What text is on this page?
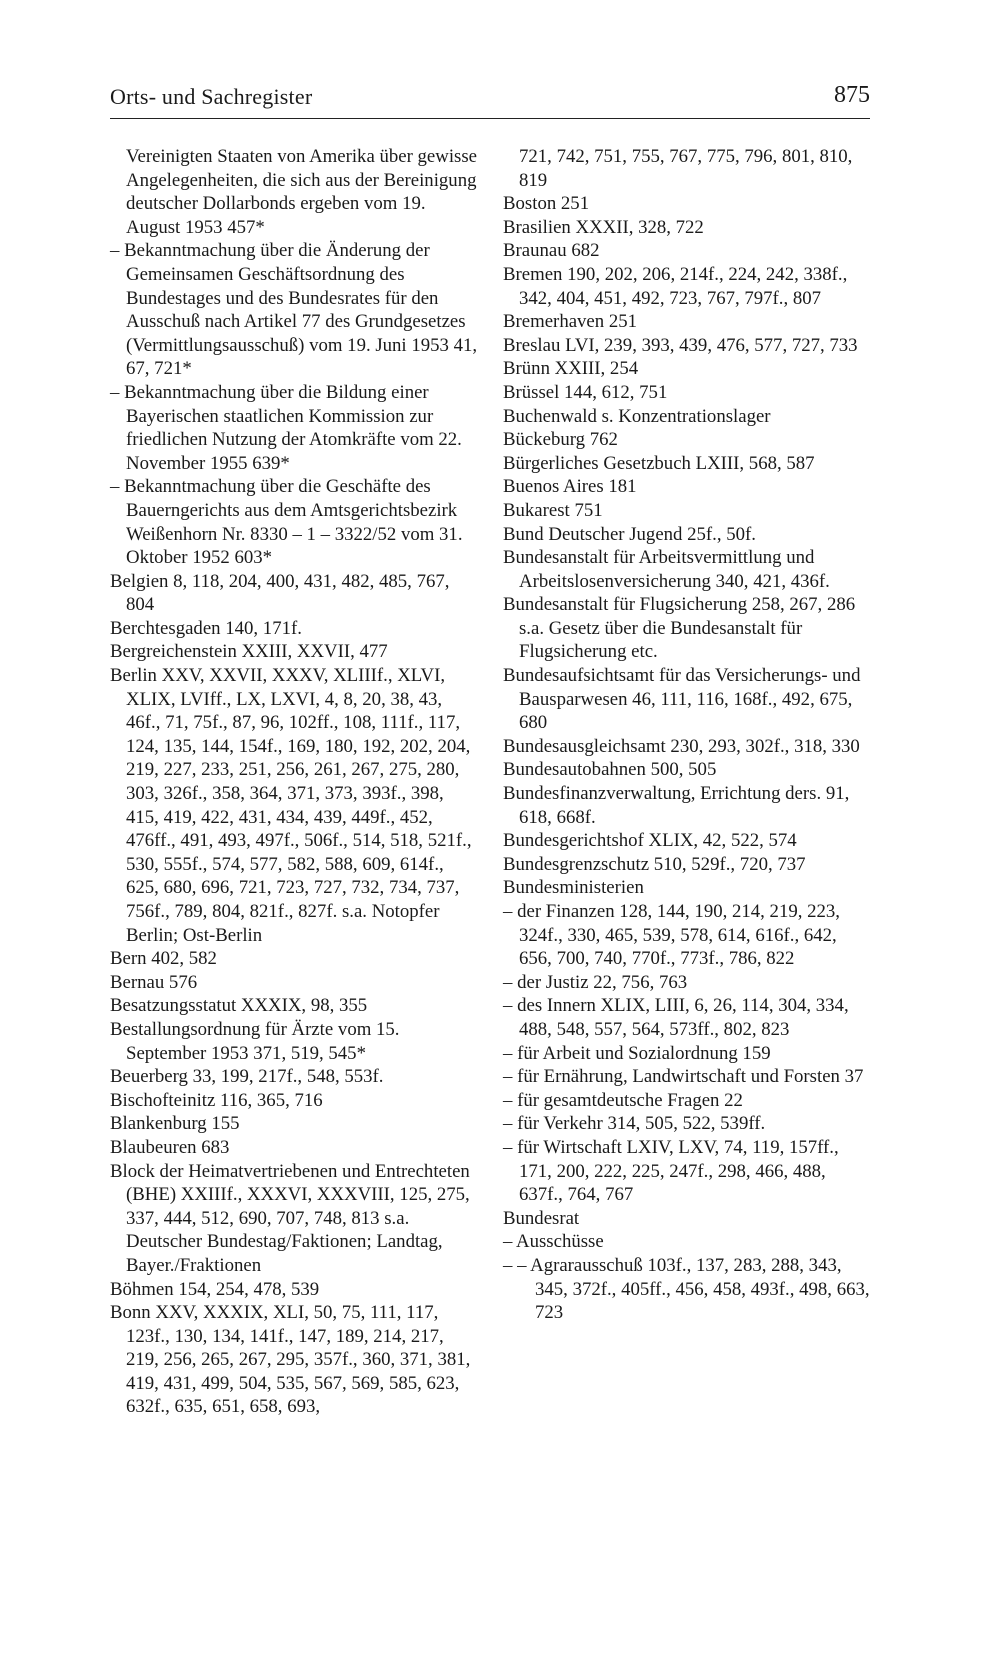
Orts- und Sachregister	875

Vereinigten Staaten von Amerika über gewisse Angelegenheiten, die sich aus der Bereinigung deutscher Dollarbonds ergeben vom 19. August 1953 457*

– Bekanntmachung über die Änderung der Gemeinsamen Geschäftsordnung des Bundestages und des Bundesrates für den Ausschuß nach Artikel 77 des Grundgesetzes (Vermittlungsausschuß) vom 19. Juni 1953 41, 67, 721*

– Bekanntmachung über die Bildung einer Bayerischen staatlichen Kommission zur friedlichen Nutzung der Atomkräfte vom 22. November 1955 639*

– Bekanntmachung über die Geschäfte des Bauerngerichts aus dem Amtsgerichtsbezirk Weißenhorn Nr. 8330 – 1 – 3322/52 vom 31. Oktober 1952 603*

Belgien 8, 118, 204, 400, 431, 482, 485, 767, 804

Berchtesgaden 140, 171f.

Bergreichenstein XXIII, XXVII, 477

Berlin XXV, XXVII, XXXV, XLIIIf., XLVI, XLIX, LVIff., LX, LXVI, 4, 8, 20, 38, 43, 46f., 71, 75f., 87, 96, 102ff., 108, 111f., 117, 124, 135, 144, 154f., 169, 180, 192, 202, 204, 219, 227, 233, 251, 256, 261, 267, 275, 280, 303, 326f., 358, 364, 371, 373, 393f., 398, 415, 419, 422, 431, 434, 439, 449f., 452, 476ff., 491, 493, 497f., 506f., 514, 518, 521f., 530, 555f., 574, 577, 582, 588, 609, 614f., 625, 680, 696, 721, 723, 727, 732, 734, 737, 756f., 789, 804, 821f., 827f. s.a. Notopfer Berlin; Ost-Berlin

Bern 402, 582

Bernau 576

Besatzungsstatut XXXIX, 98, 355

Bestallungsordnung für Ärzte vom 15. September 1953 371, 519, 545*

Beuerberg 33, 199, 217f., 548, 553f.

Bischofteinitz 116, 365, 716

Blankenburg 155

Blaubeuren 683

Block der Heimatvertriebenen und Entrechteten (BHE) XXIIIf., XXXVI, XXXVIII, 125, 275, 337, 444, 512, 690, 707, 748, 813 s.a. Deutscher Bundestag/Faktionen; Landtag, Bayer./Fraktionen

Böhmen 154, 254, 478, 539

Bonn XXV, XXXIX, XLI, 50, 75, 111, 117, 123f., 130, 134, 141f., 147, 189, 214, 217, 219, 256, 265, 267, 295, 357f., 360, 371, 381, 419, 431, 499, 504, 535, 567, 569, 585, 623, 632f., 635, 651, 658, 693,

721, 742, 751, 755, 767, 775, 796, 801, 810, 819

Boston 251

Brasilien XXXII, 328, 722

Braunau 682

Bremen 190, 202, 206, 214f., 224, 242, 338f., 342, 404, 451, 492, 723, 767, 797f., 807

Bremerhaven 251

Breslau LVI, 239, 393, 439, 476, 577, 727, 733

Brünn XXIII, 254

Brüssel 144, 612, 751

Buchenwald s. Konzentrationslager

Bückeburg 762

Bürgerliches Gesetzbuch LXIII, 568, 587

Buenos Aires 181

Bukarest 751

Bund Deutscher Jugend 25f., 50f.

Bundesanstalt für Arbeitsvermittlung und Arbeitslosenversicherung 340, 421, 436f.

Bundesanstalt für Flugsicherung 258, 267, 286 s.a. Gesetz über die Bundesanstalt für Flugsicherung etc.

Bundesaufsichtsamt für das Versicherungs- und Bausparwesen 46, 111, 116, 168f., 492, 675, 680

Bundesausgleichsamt 230, 293, 302f., 318, 330

Bundesautobahnen 500, 505

Bundesfinanzverwaltung, Errichtung ders. 91, 618, 668f.

Bundesgerichtshof XLIX, 42, 522, 574

Bundesgrenzschutz 510, 529f., 720, 737

Bundesministerien

– der Finanzen 128, 144, 190, 214, 219, 223, 324f., 330, 465, 539, 578, 614, 616f., 642, 656, 700, 740, 770f., 773f., 786, 822

– der Justiz 22, 756, 763

– des Innern XLIX, LIII, 6, 26, 114, 304, 334, 488, 548, 557, 564, 573ff., 802, 823

– für Arbeit und Sozialordnung 159

– für Ernährung, Landwirtschaft und Forsten 37

– für gesamtdeutsche Fragen 22

– für Verkehr 314, 505, 522, 539ff.

– für Wirtschaft LXIV, LXV, 74, 119, 157ff., 171, 200, 222, 225, 247f., 298, 466, 488, 637f., 764, 767

Bundesrat

– Ausschüsse

– – Agrarausschuß 103f., 137, 283, 288, 343, 345, 372f., 405ff., 456, 458, 493f., 498, 663, 723
